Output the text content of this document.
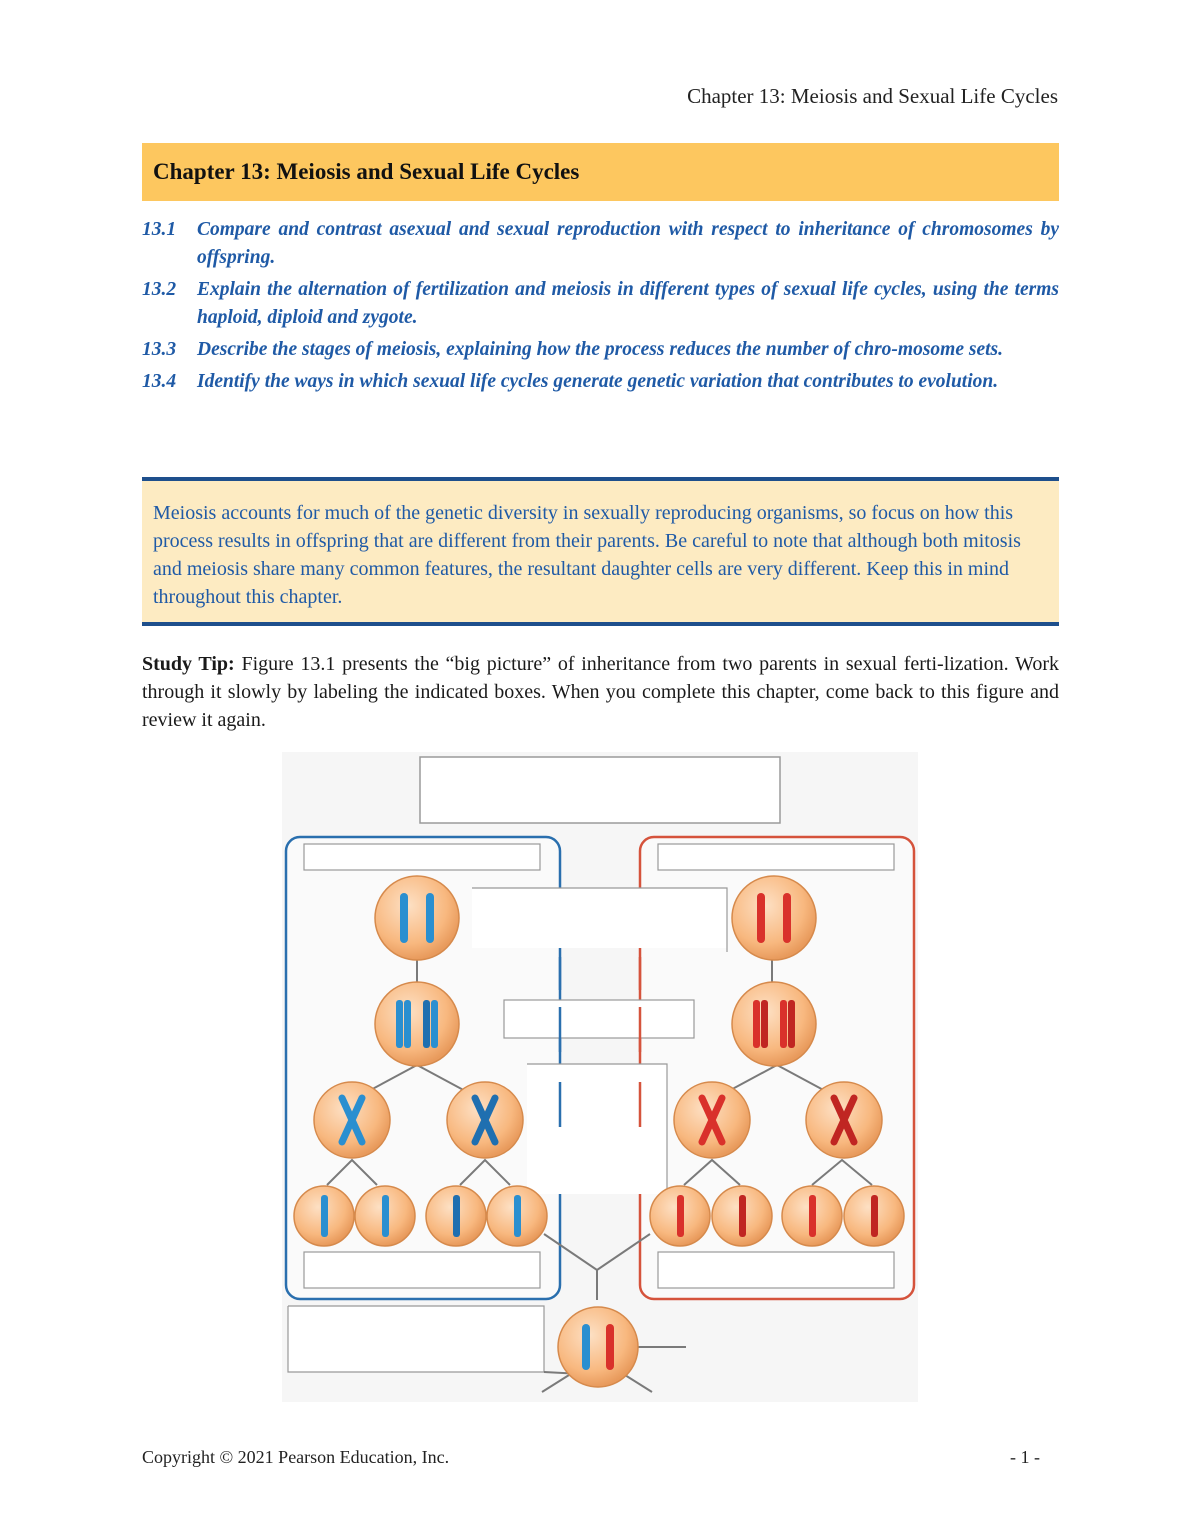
Chapter 13: Meiosis and Sexual Life Cycles
Chapter 13: Meiosis and Sexual Life Cycles
13.1	Compare and contrast asexual and sexual reproduction with respect to inheritance of chromosomes by offspring.
13.2	Explain the alternation of fertilization and meiosis in different types of sexual life cycles, using the terms haploid, diploid and zygote.
13.3	Describe the stages of meiosis, explaining how the process reduces the number of chro-mosome sets.
13.4	Identify the ways in which sexual life cycles generate genetic variation that contributes to evolution.

Meiosis accounts for much of the genetic diversity in sexually reproducing organisms, so focus on how this process results in offspring that are different from their parents. Be careful to note that although both mitosis and meiosis share many common features, the resultant daughter cells are very different. Keep this in mind throughout this chapter.

Study Tip: Figure 13.1 presents the “big picture” of inheritance from two parents in sexual ferti-lization. Work through it slowly by labeling the indicated boxes. When you complete this chapter, come back to this figure and review it again.
Copyright © 2021 Pearson Education, Inc.	- 1 -
